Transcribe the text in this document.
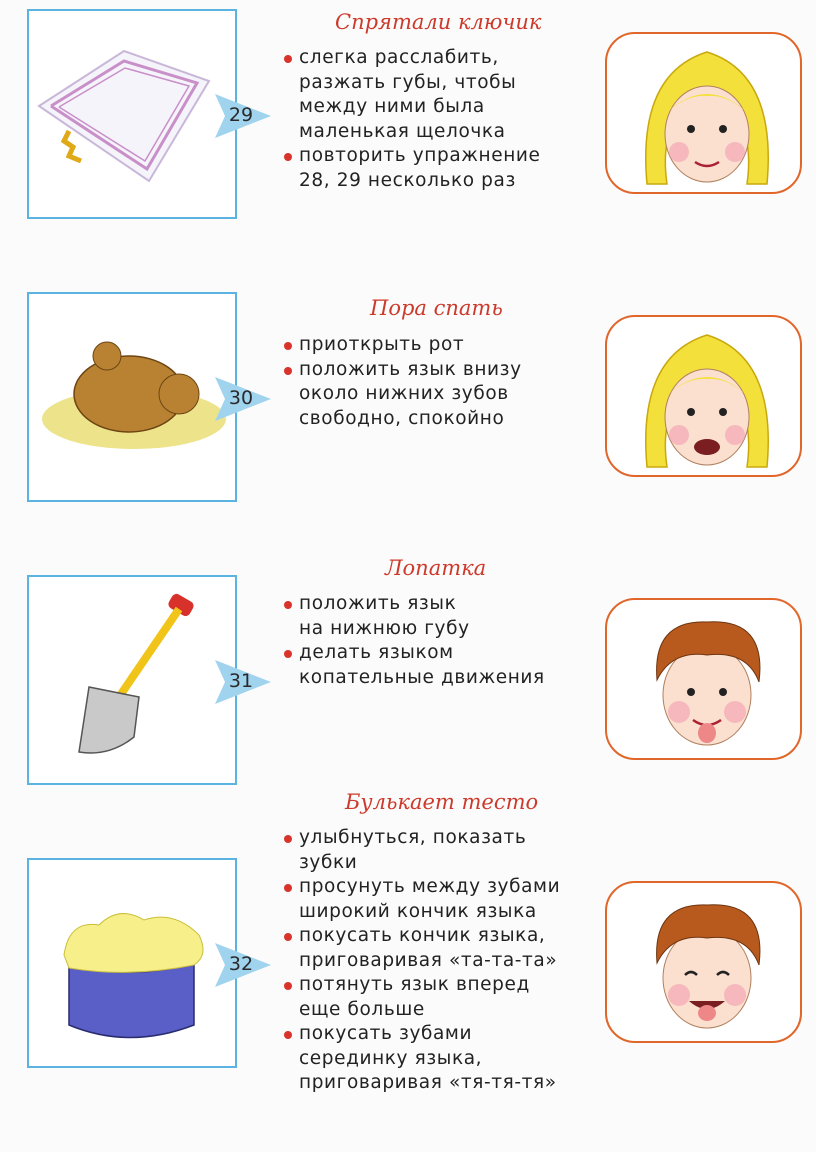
29
Спрятали ключик
слегка расслабить,
разжать губы, чтобы
между ними была
маленькая щелочка
повторить упражнение
28, 29 несколько раз
30
Пора спать
приоткрыть рот
положить язык внизу
около нижних зубов
свободно, спокойно
31
Лопатка
положить язык
на нижнюю губу
делать языком
копательные движения
32
Булькает тесто
улыбнуться, показать
зубки
просунуть между зубами
широкий кончик языка
покусать кончик языка,
приговаривая «та-та-та»
потянуть язык вперед
еще больше
покусать зубами
серединку языка,
приговаривая «тя-тя-тя»
